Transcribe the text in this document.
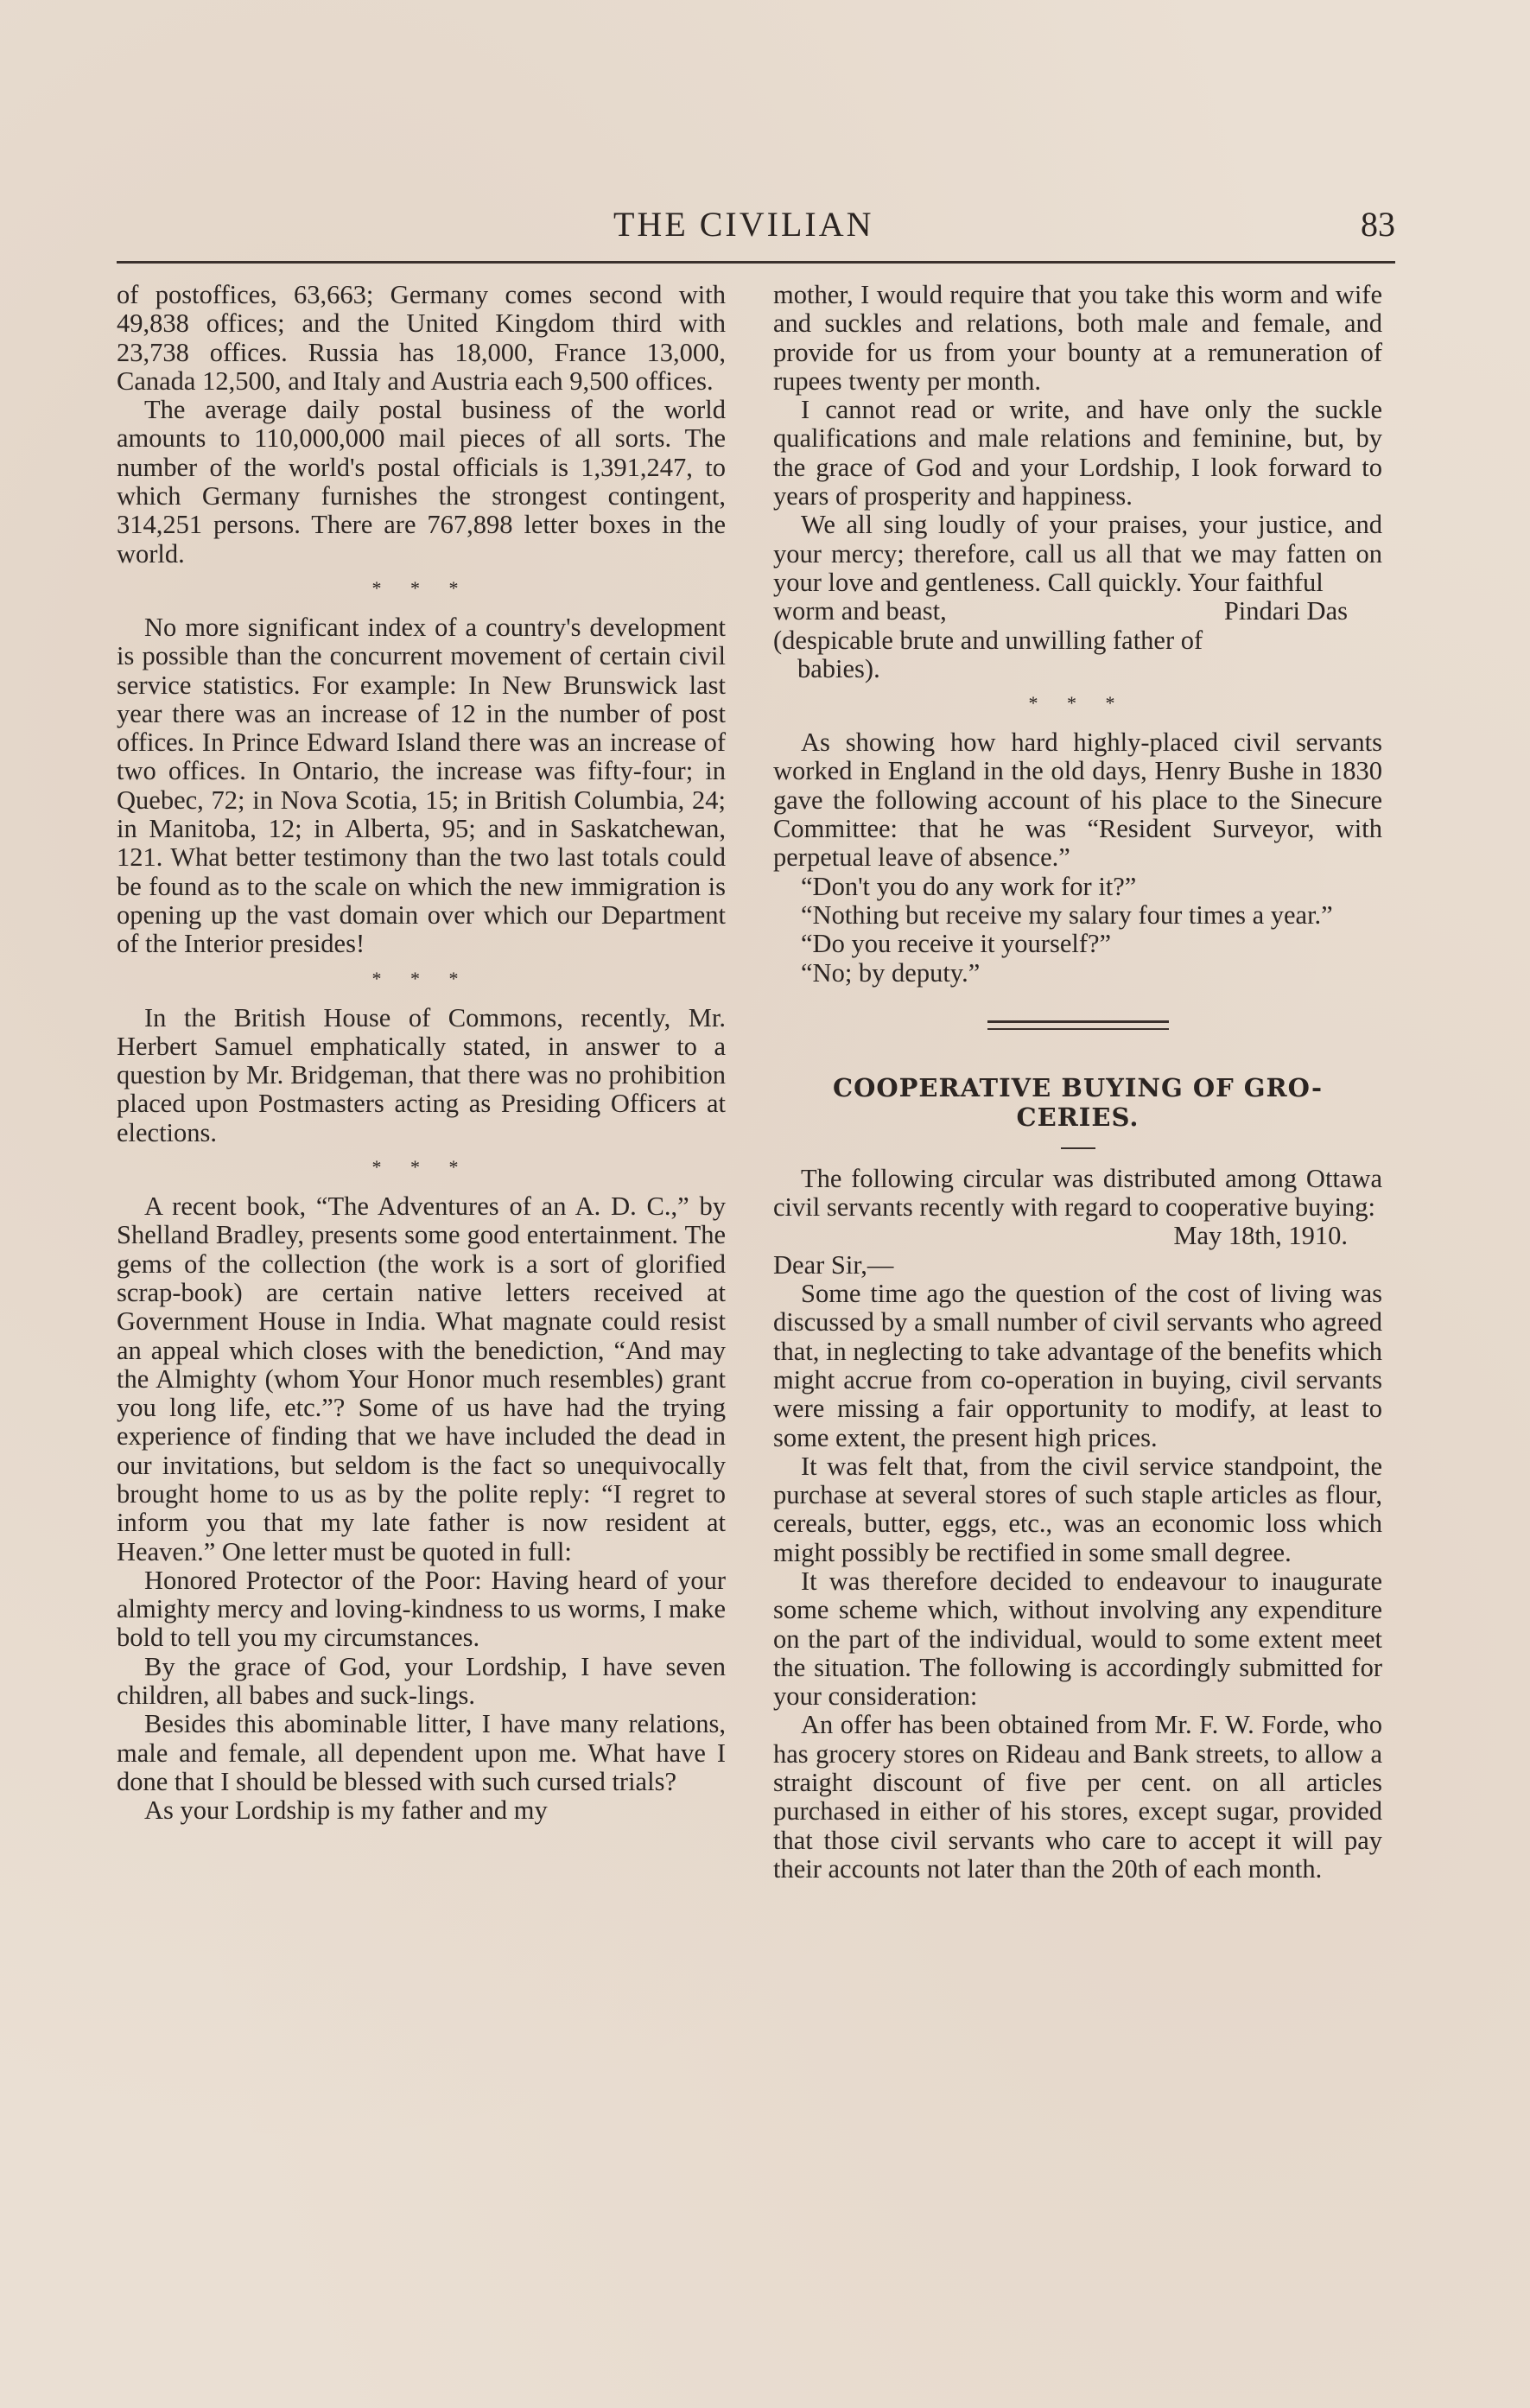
THE CIVILIAN	83

of postoffices, 63,663; Germany comes second with 49,838 offices; and the United Kingdom third with 23,738 offices. Russia has 18,000, France 13,000, Canada 12,500, and Italy and Austria each 9,500 offices.

The average daily postal business of the world amounts to 110,000,000 mail pieces of all sorts. The number of the world's postal officials is 1,391,247, to which Germany furnishes the strongest contingent, 314,251 persons. There are 767,898 letter boxes in the world.

* * *

No more significant index of a country's development is possible than the concurrent movement of certain civil service statistics. For example: In New Brunswick last year there was an increase of 12 in the number of post offices. In Prince Edward Island there was an increase of two offices. In Ontario, the increase was fifty-four; in Quebec, 72; in Nova Scotia, 15; in British Columbia, 24; in Manitoba, 12; in Alberta, 95; and in Saskatchewan, 121. What better testimony than the two last totals could be found as to the scale on which the new immigration is opening up the vast domain over which our Department of the Interior presides!

* * *

In the British House of Commons, recently, Mr. Herbert Samuel emphatically stated, in answer to a question by Mr. Bridgeman, that there was no prohibition placed upon Postmasters acting as Presiding Officers at elections.

* * *

A recent book, “The Adventures of an A. D. C.,” by Shelland Bradley, presents some good entertainment. The gems of the collection (the work is a sort of glorified scrap-book) are certain native letters received at Government House in India. What magnate could resist an appeal which closes with the benediction, “And may the Almighty (whom Your Honor much resembles) grant you long life, etc.”? Some of us have had the trying experience of finding that we have included the dead in our invitations, but seldom is the fact so unequivocally brought home to us as by the polite reply: “I regret to inform you that my late father is now resident at Heaven.” One letter must be quoted in full:

Honored Protector of the Poor: Having heard of your almighty mercy and loving-kindness to us worms, I make bold to tell you my circumstances.

By the grace of God, your Lordship, I have seven children, all babes and suck-lings.

Besides this abominable litter, I have many relations, male and female, all dependent upon me. What have I done that I should be blessed with such cursed trials?

As your Lordship is my father and my

mother, I would require that you take this worm and wife and suckles and relations, both male and female, and provide for us from your bounty at a remuneration of rupees twenty per month.

I cannot read or write, and have only the suckle qualifications and male relations and feminine, but, by the grace of God and your Lordship, I look forward to years of prosperity and happiness.

We all sing loudly of your praises, your justice, and your mercy; therefore, call us all that we may fatten on your love and gentleness. Call quickly. Your faithful

worm and beast,	Pindari Das

(despicable brute and unwilling father of

babies).

* * *

As showing how hard highly-placed civil servants worked in England in the old days, Henry Bushe in 1830 gave the following account of his place to the Sinecure Committee: that he was “Resident Surveyor, with perpetual leave of absence.”

“Don't you do any work for it?”

“Nothing but receive my salary four times a year.”

“Do you receive it yourself?”

“No; by deputy.”

COOPERATIVE BUYING OF GRO-
CERIES.

The following circular was distributed among Ottawa civil servants recently with regard to cooperative buying:

May 18th, 1910.

Dear Sir,—

Some time ago the question of the cost of living was discussed by a small number of civil servants who agreed that, in neglecting to take advantage of the benefits which might accrue from co-operation in buying, civil servants were missing a fair opportunity to modify, at least to some extent, the present high prices.

It was felt that, from the civil service standpoint, the purchase at several stores of such staple articles as flour, cereals, butter, eggs, etc., was an economic loss which might possibly be rectified in some small degree.

It was therefore decided to endeavour to inaugurate some scheme which, without involving any expenditure on the part of the individual, would to some extent meet the situation. The following is accordingly submitted for your consideration:

An offer has been obtained from Mr. F. W. Forde, who has grocery stores on Rideau and Bank streets, to allow a straight discount of five per cent. on all articles purchased in either of his stores, except sugar, provided that those civil servants who care to accept it will pay their accounts not later than the 20th of each month.
